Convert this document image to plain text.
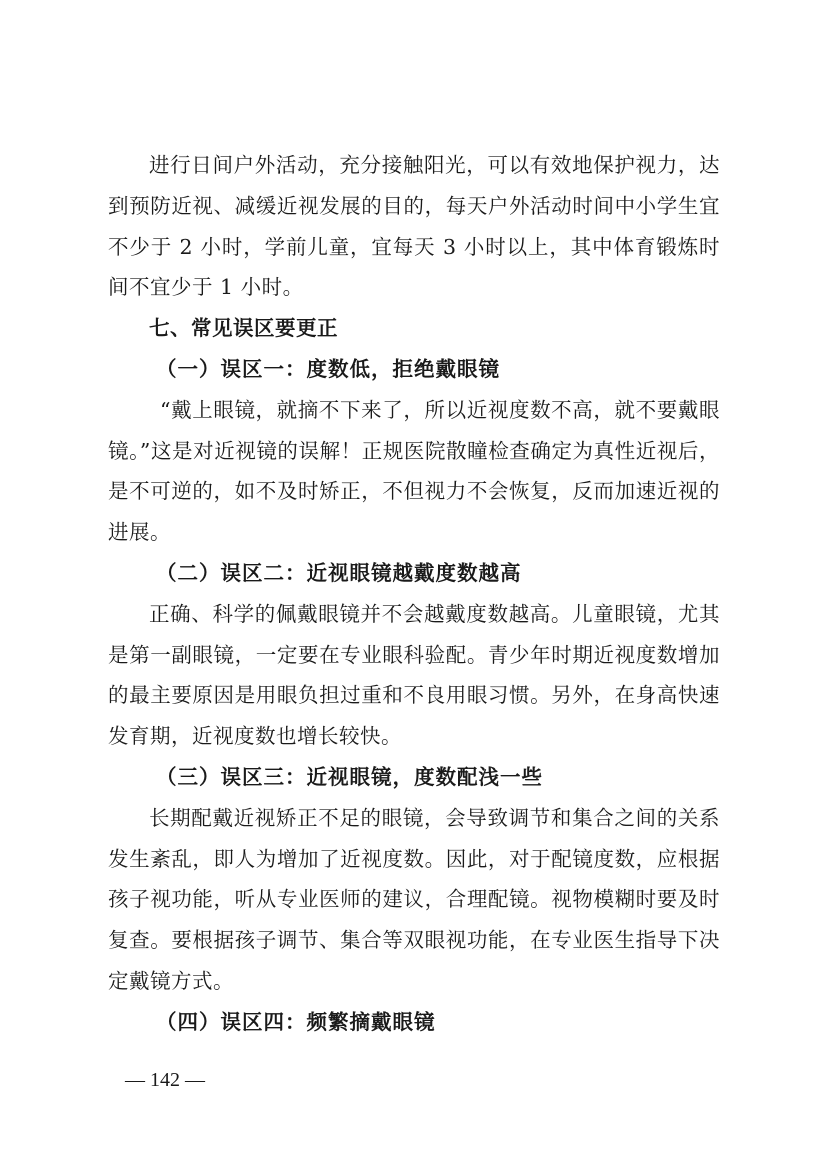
进行日间户外活动，充分接触阳光，可以有效地保护视力，达到预防近视、减缓近视发展的目的，每天户外活动时间中小学生宜不少于 2 小时，学前儿童，宜每天 3 小时以上，其中体育锻炼时间不宜少于 1 小时。

七、常见误区要更正
（一）误区一：度数低，拒绝戴眼镜

“戴上眼镜，就摘不下来了，所以近视度数不高，就不要戴眼镜。”这是对近视镜的误解！正规医院散瞳检查确定为真性近视后，是不可逆的，如不及时矫正，不但视力不会恢复，反而加速近视的进展。

（二）误区二：近视眼镜越戴度数越高

正确、科学的佩戴眼镜并不会越戴度数越高。儿童眼镜，尤其是第一副眼镜，一定要在专业眼科验配。青少年时期近视度数增加的最主要原因是用眼负担过重和不良用眼习惯。另外，在身高快速发育期，近视度数也增长较快。

（三）误区三：近视眼镜，度数配浅一些

长期配戴近视矫正不足的眼镜，会导致调节和集合之间的关系发生紊乱，即人为增加了近视度数。因此，对于配镜度数，应根据孩子视功能，听从专业医师的建议，合理配镜。视物模糊时要及时复查。要根据孩子调节、集合等双眼视功能，在专业医生指导下决定戴镜方式。

（四）误区四：频繁摘戴眼镜
— 142 —
